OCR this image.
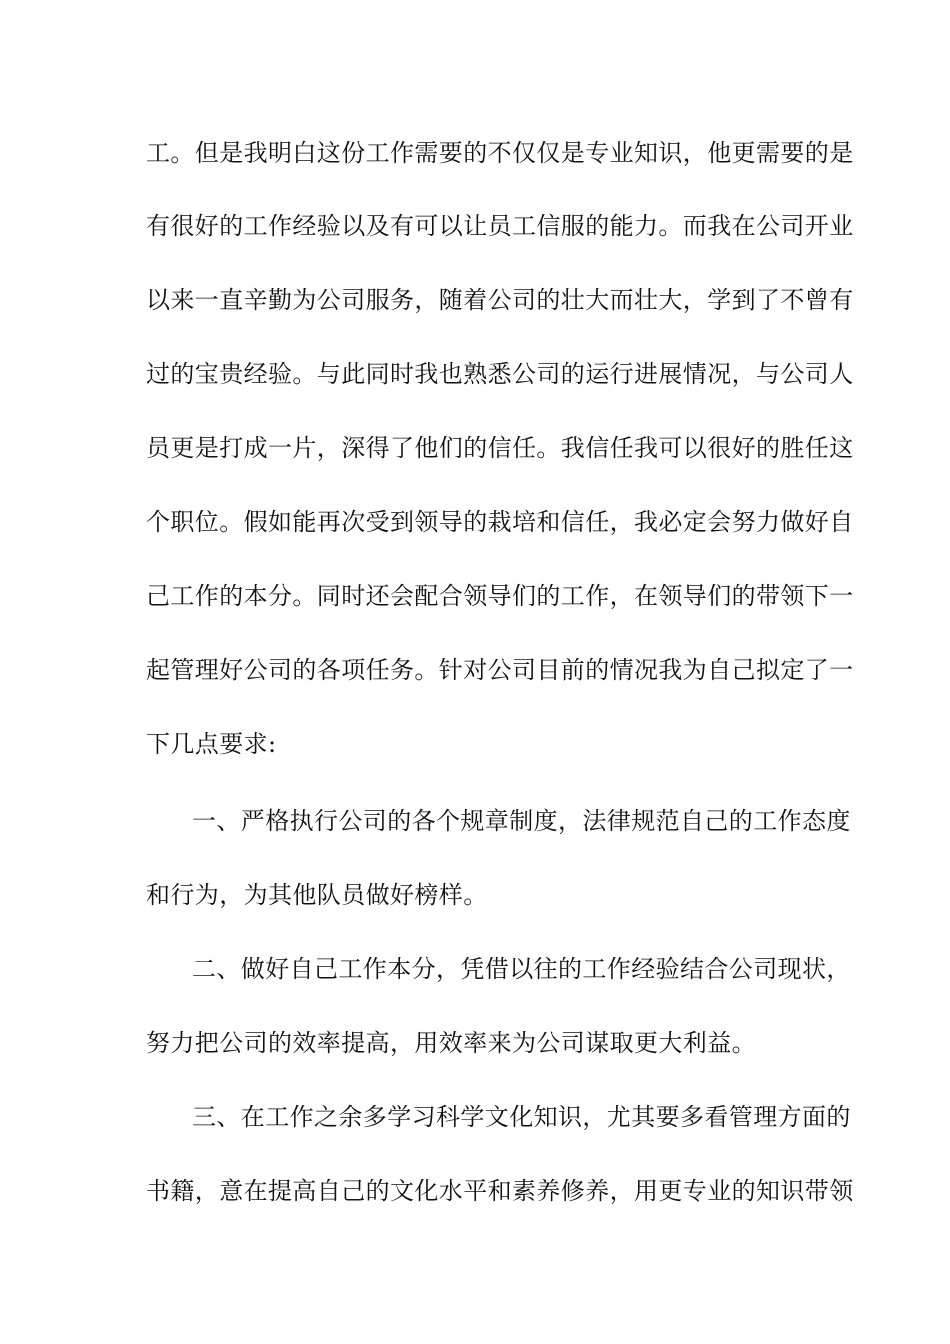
工。但是我明白这份工作需要的不仅仅是专业知识，他更需要的是
有很好的工作经验以及有可以让员工信服的能力。而我在公司开业
以来一直辛勤为公司服务，随着公司的壮大而壮大，学到了不曾有
过的宝贵经验。与此同时我也熟悉公司的运行进展情况，与公司人
员更是打成一片，深得了他们的信任。我信任我可以很好的胜任这
个职位。假如能再次受到领导的栽培和信任，我必定会努力做好自
己工作的本分。同时还会配合领导们的工作，在领导们的带领下一
起管理好公司的各项任务。针对公司目前的情况我为自己拟定了一
下几点要求:
一、严格执行公司的各个规章制度，法律规范自己的工作态度
和行为，为其他队员做好榜样。
二、做好自己工作本分，凭借以往的工作经验结合公司现状，
努力把公司的效率提高，用效率来为公司谋取更大利益。
三、在工作之余多学习科学文化知识，尤其要多看管理方面的
书籍，意在提高自己的文化水平和素养修养，用更专业的知识带领
